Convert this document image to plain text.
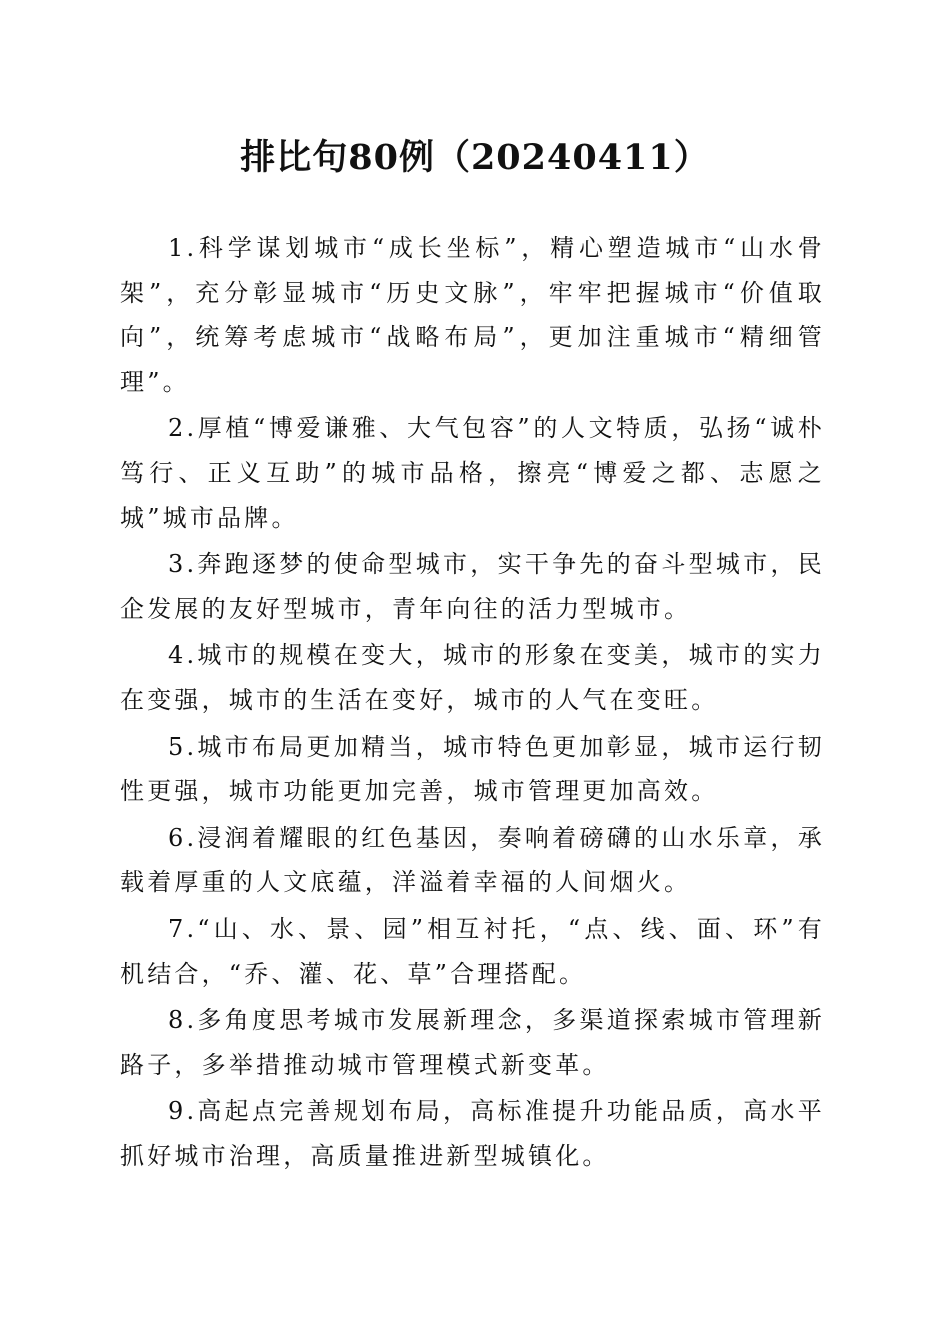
排比句80例（20240411）

1.科学谋划城市“成长坐标”，精心塑造城市“山水骨架”，充分彰显城市“历史文脉”，牢牢把握城市“价值取向”，统筹考虑城市“战略布局”，更加注重城市“精细管理”。

2.厚植“博爱谦雅、大气包容”的人文特质，弘扬“诚朴笃行、正义互助”的城市品格，擦亮“博爱之都、志愿之城”城市品牌。

3.奔跑逐梦的使命型城市，实干争先的奋斗型城市，民企发展的友好型城市，青年向往的活力型城市。

4.城市的规模在变大，城市的形象在变美，城市的实力在变强，城市的生活在变好，城市的人气在变旺。

5.城市布局更加精当，城市特色更加彰显，城市运行韧性更强，城市功能更加完善，城市管理更加高效。

6.浸润着耀眼的红色基因，奏响着磅礴的山水乐章，承载着厚重的人文底蕴，洋溢着幸福的人间烟火。

7.“山、水、景、园”相互衬托，“点、线、面、环”有机结合，“乔、灌、花、草”合理搭配。

8.多角度思考城市发展新理念，多渠道探索城市管理新路子，多举措推动城市管理模式新变革。

9.高起点完善规划布局，高标准提升功能品质，高水平抓好城市治理，高质量推进新型城镇化。
